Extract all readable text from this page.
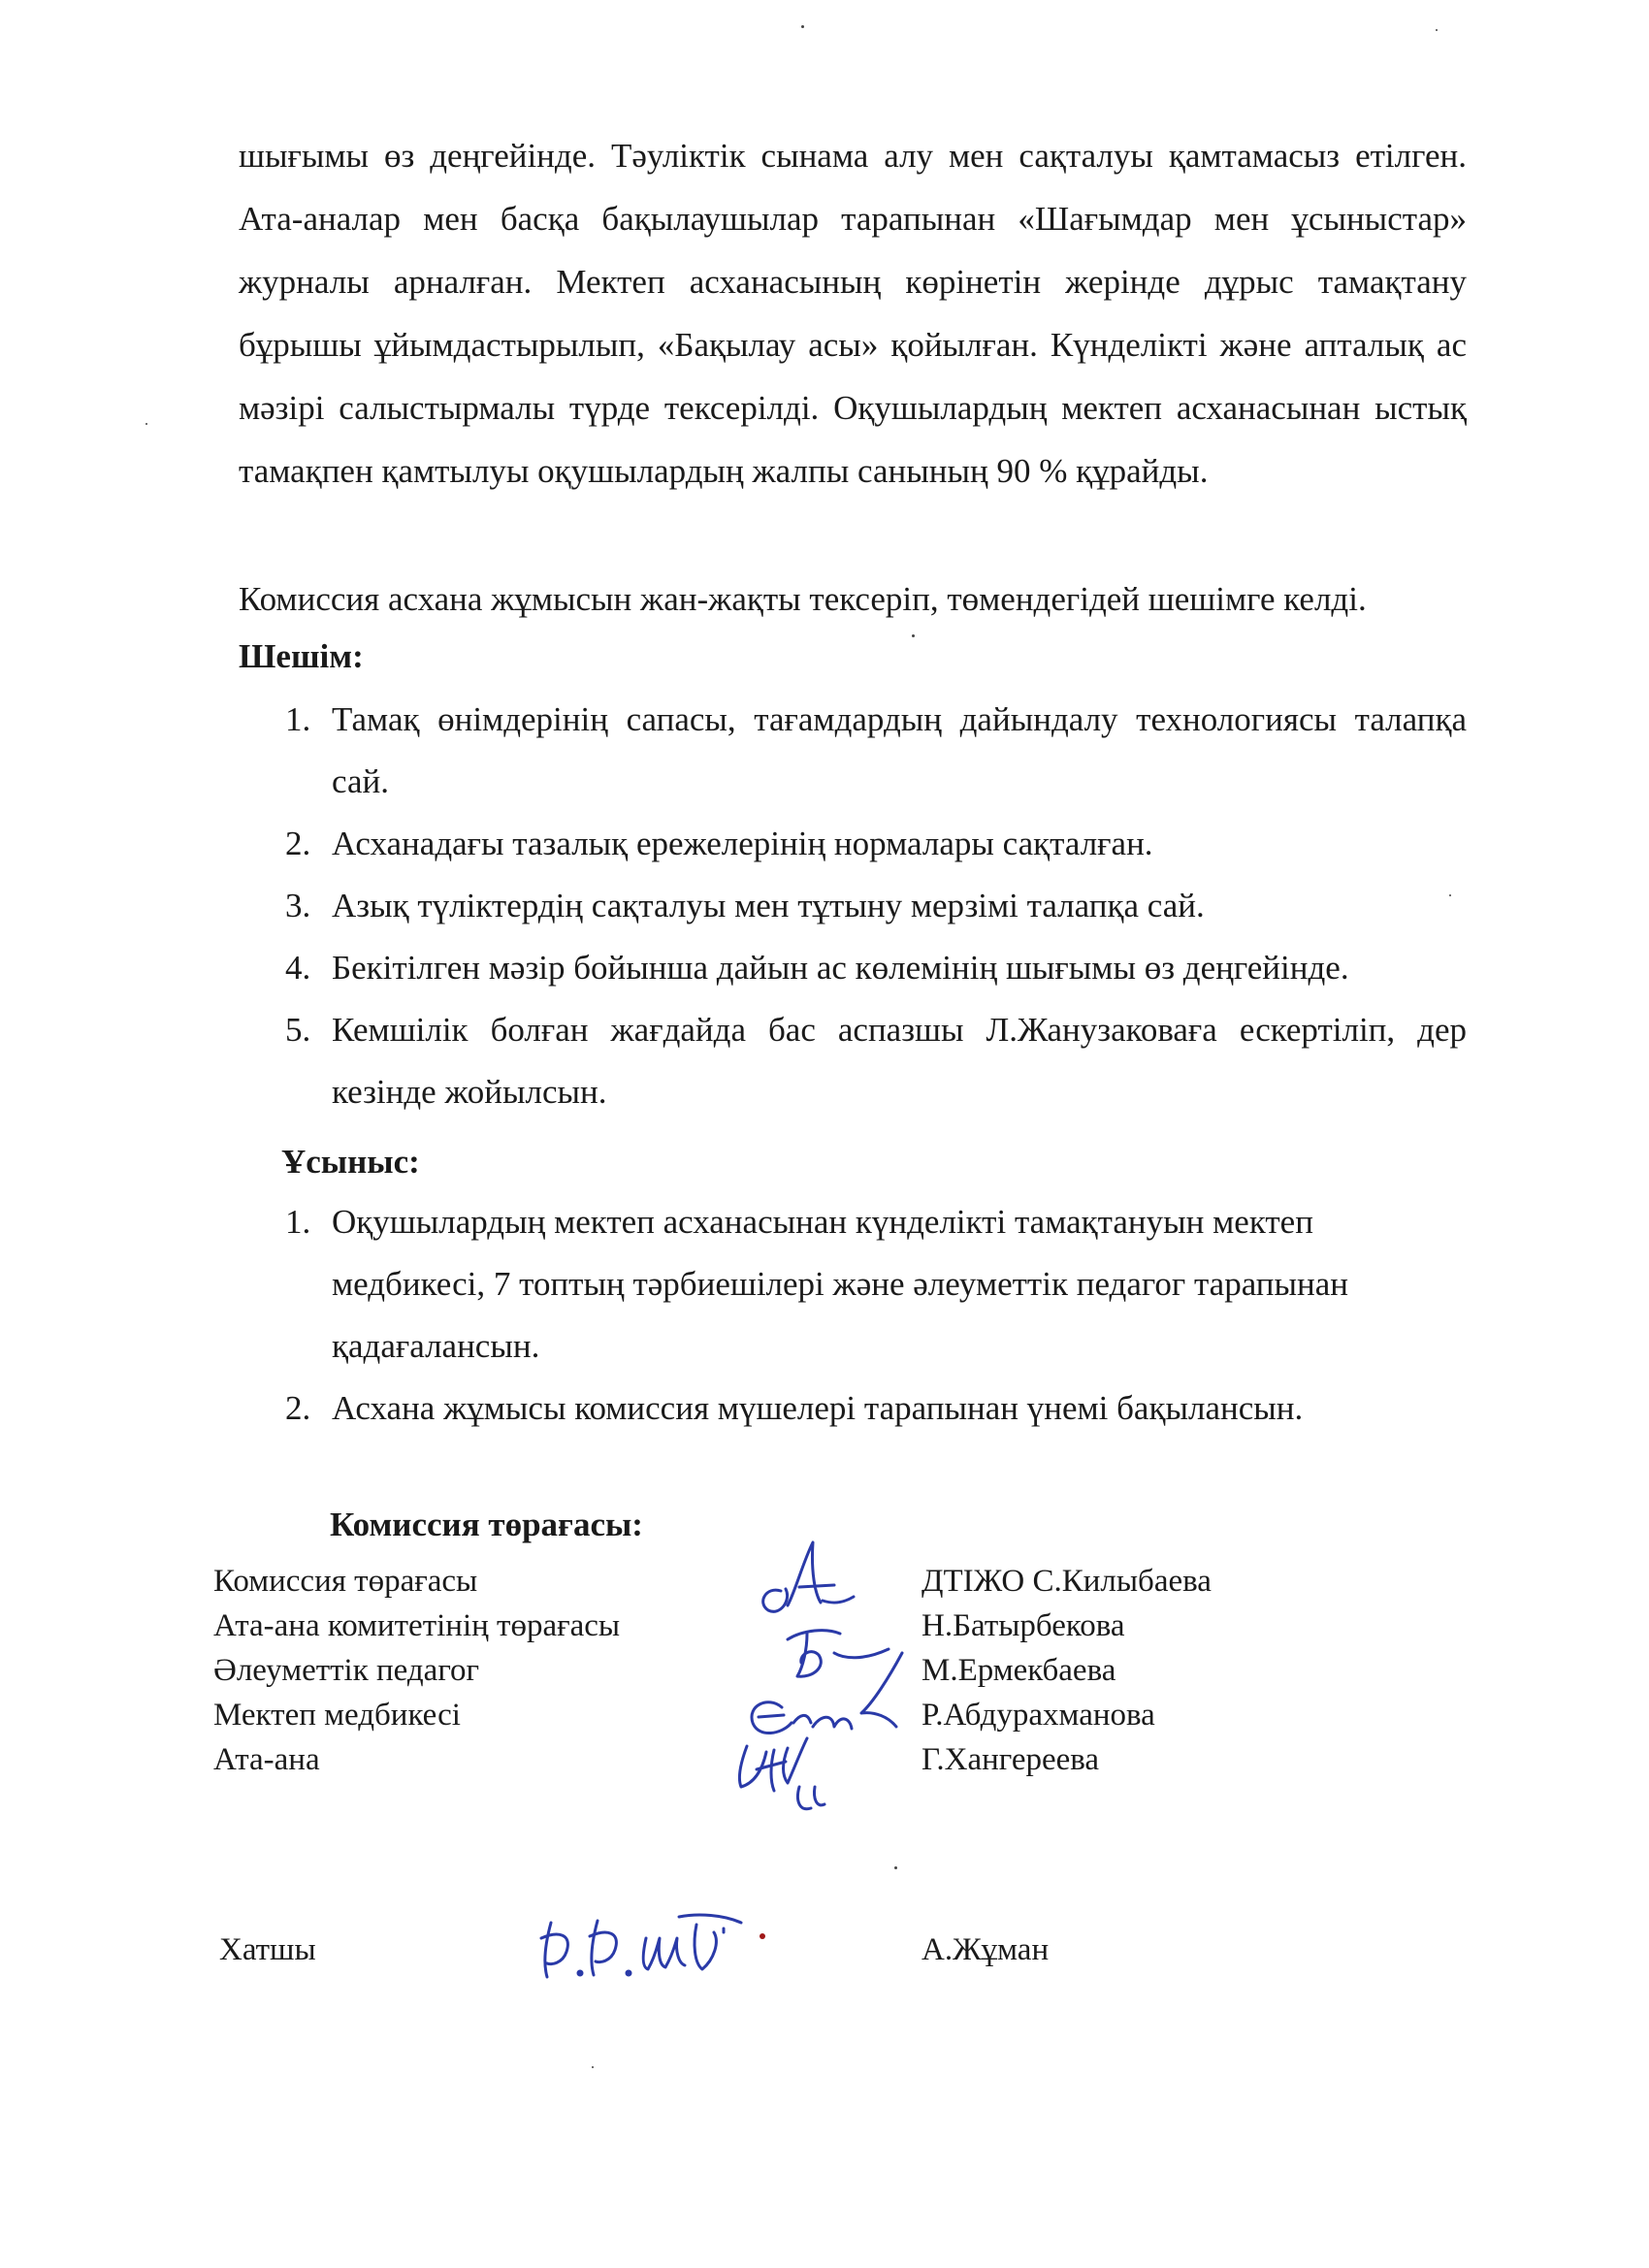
шығымы өз деңгейінде. Тәуліктік сынама алу мен сақталуы қамтамасыз етілген. Ата-аналар мен басқа бақылаушылар тарапынан «Шағымдар мен ұсыныстар» журналы арналған. Мектеп асханасының көрінетін жерінде дұрыс тамақтану бұрышы ұйымдастырылып, «Бақылау асы» қойылған. Күнделікті және апталық ас мәзірі салыстырмалы түрде тексерілді. Оқушылардың мектеп асханасынан ыстық тамақпен қамтылуы оқушылардың жалпы санының 90 % құрайды.

Комиссия асхана жұмысын жан-жақты тексеріп, төмендегідей шешімге келді.
Шешім:
1. Тамақ өнімдерінің сапасы, тағамдардың дайындалу технологиясы талапқа сай.
2. Асханадағы тазалық ережелерінің нормалары сақталған.
3. Азық түліктердің сақталуы мен тұтыну мерзімі талапқа сай.
4. Бекітілген мәзір бойынша дайын ас көлемінің шығымы өз деңгейінде.
5. Кемшілік болған жағдайда бас аспазшы Л.Жанузаковаға ескертіліп, дер кезінде жойылсын.
Ұсыныс:
1. Оқушылардың мектеп асханасынан күнделікті тамақтануын мектеп медбикесі, 7 топтың тәрбиешілері және әлеуметтік педагог тарапынан қадағалансын.
2. Асхана жұмысы комиссия мүшелері тарапынан үнемі бақылансын.
Комиссия төрағасы:
Комиссия төрағасы	ДТІЖО С.Килыбаева
Ата-ана комитетінің төрағасы	Н.Батырбекова
Әлеуметтік педагог	М.Ермекбаева
Мектеп медбикесі	Р.Абдурахманова
Ата-ана	Г.Хангереева
Хатшы	А.Жұман
